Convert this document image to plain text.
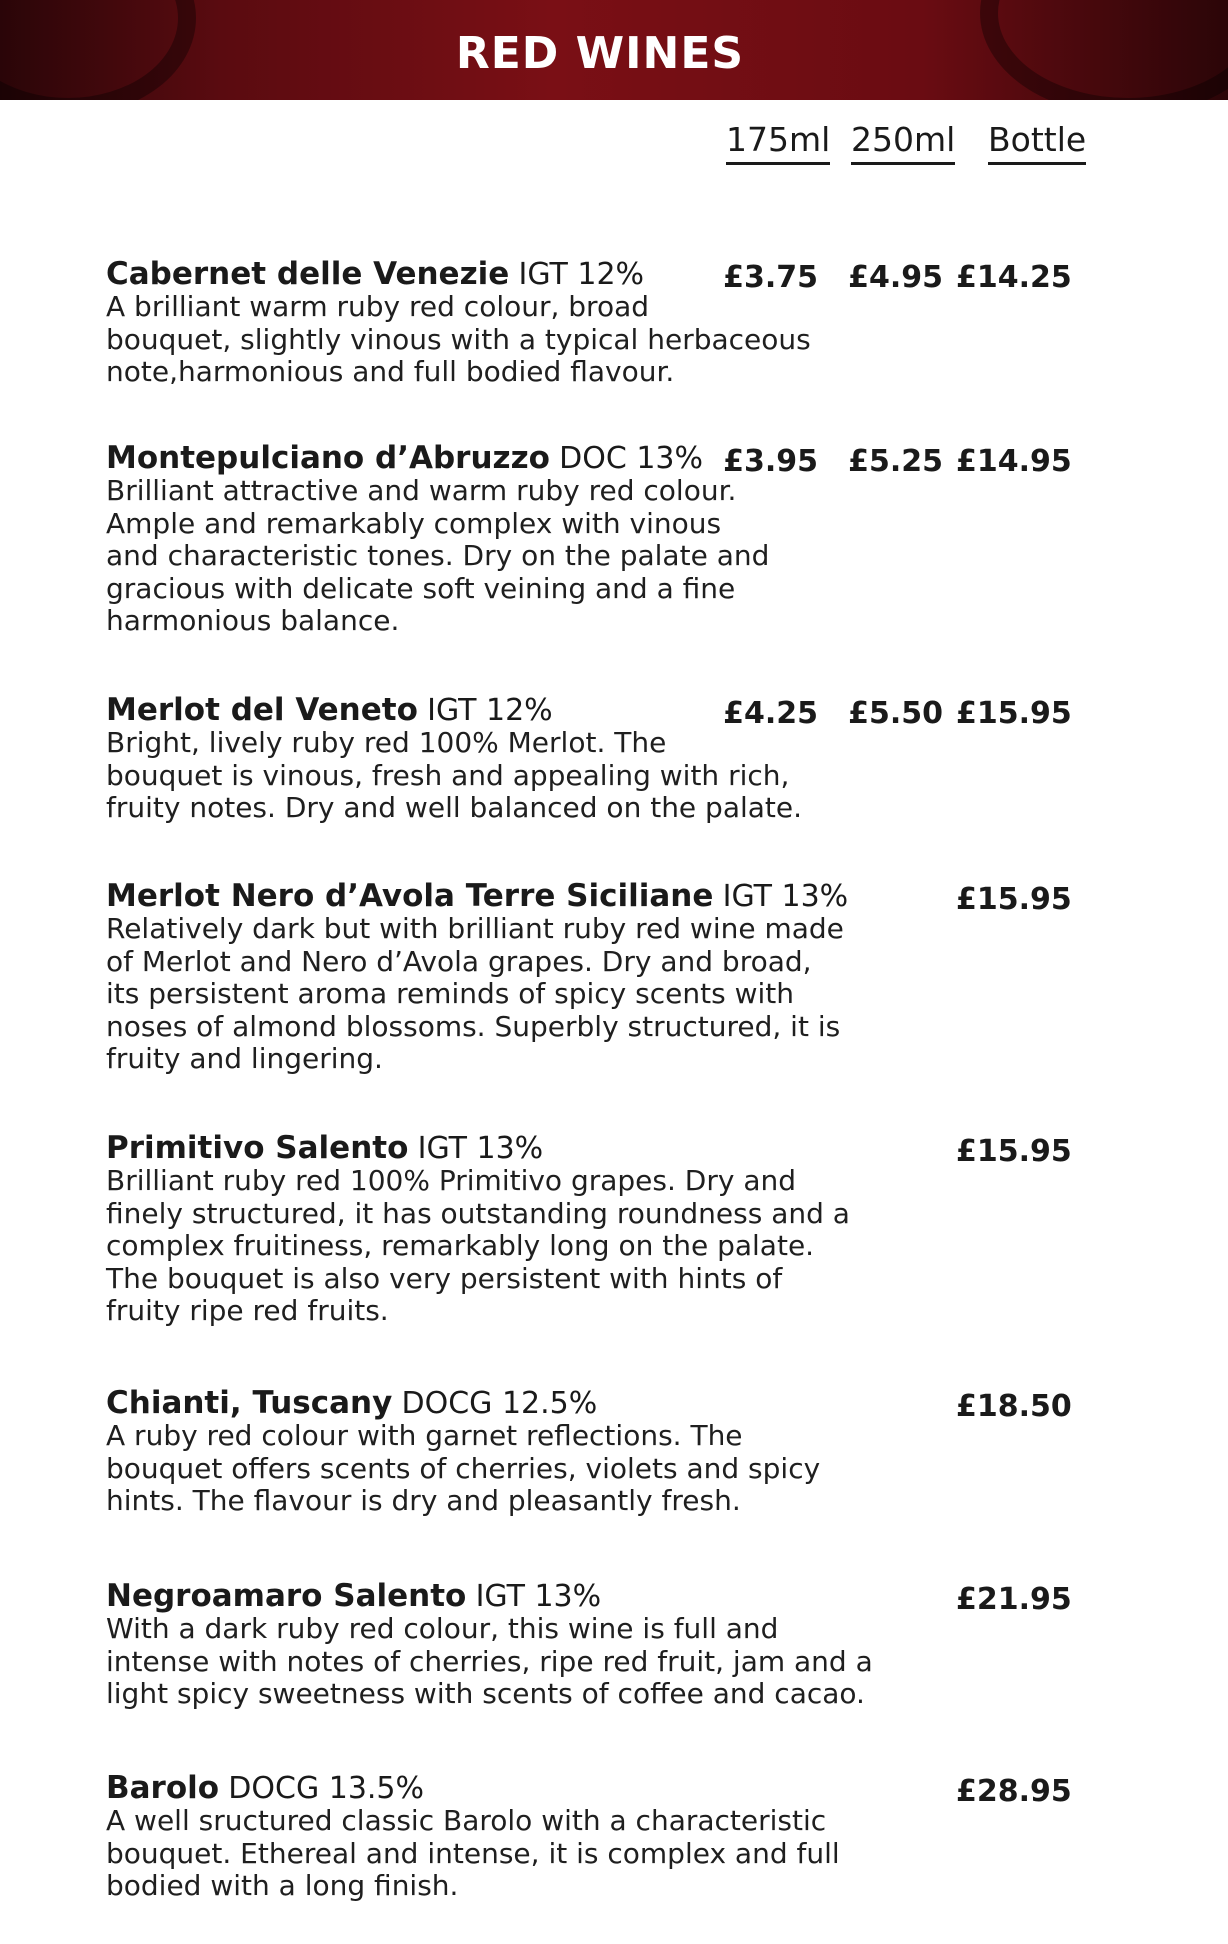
RED WINES
175ml 250ml Bottle
Cabernet delle Venezie IGT 12%	£3.75	£4.95 £14.25
A brilliant warm ruby red colour, broad
bouquet, slightly vinous with a typical herbaceous
note,harmonious and full bodied flavour.
Montepulciano d’Abruzzo DOC 13% £3.95	£5.25 £14.95
Brilliant attractive and warm ruby red colour.
Ample and remarkably complex with vinous
and characteristic tones. Dry on the palate and
gracious with delicate soft veining and a fine
harmonious balance.
Merlot del Veneto IGT 12%	£4.25	£5.50 £15.95
Bright, lively ruby red 100% Merlot. The
bouquet is vinous, fresh and appealing with rich,
fruity notes. Dry and well balanced on the palate.
Merlot Nero d’Avola Terre Siciliane IGT 13%	£15.95
Relatively dark but with brilliant ruby red wine made
of Merlot and Nero d’Avola grapes. Dry and broad,
its persistent aroma reminds of spicy scents with
noses of almond blossoms. Superbly structured, it is
fruity and lingering.
Primitivo Salento IGT 13%	£15.95
Brilliant ruby red 100% Primitivo grapes. Dry and
finely structured, it has outstanding roundness and a
complex fruitiness, remarkably long on the palate.
The bouquet is also very persistent with hints of
fruity ripe red fruits.
Chianti, Tuscany DOCG 12.5%	£18.50
A ruby red colour with garnet reflections. The
bouquet offers scents of cherries, violets and spicy
hints. The flavour is dry and pleasantly fresh.
Negroamaro Salento IGT 13%	£21.95
With a dark ruby red colour, this wine is full and
intense with notes of cherries, ripe red fruit, jam and a
light spicy sweetness with scents of coffee and cacao.
Barolo DOCG 13.5%	£28.95
A well sructured classic Barolo with a characteristic
bouquet. Ethereal and intense, it is complex and full
bodied with a long finish.
